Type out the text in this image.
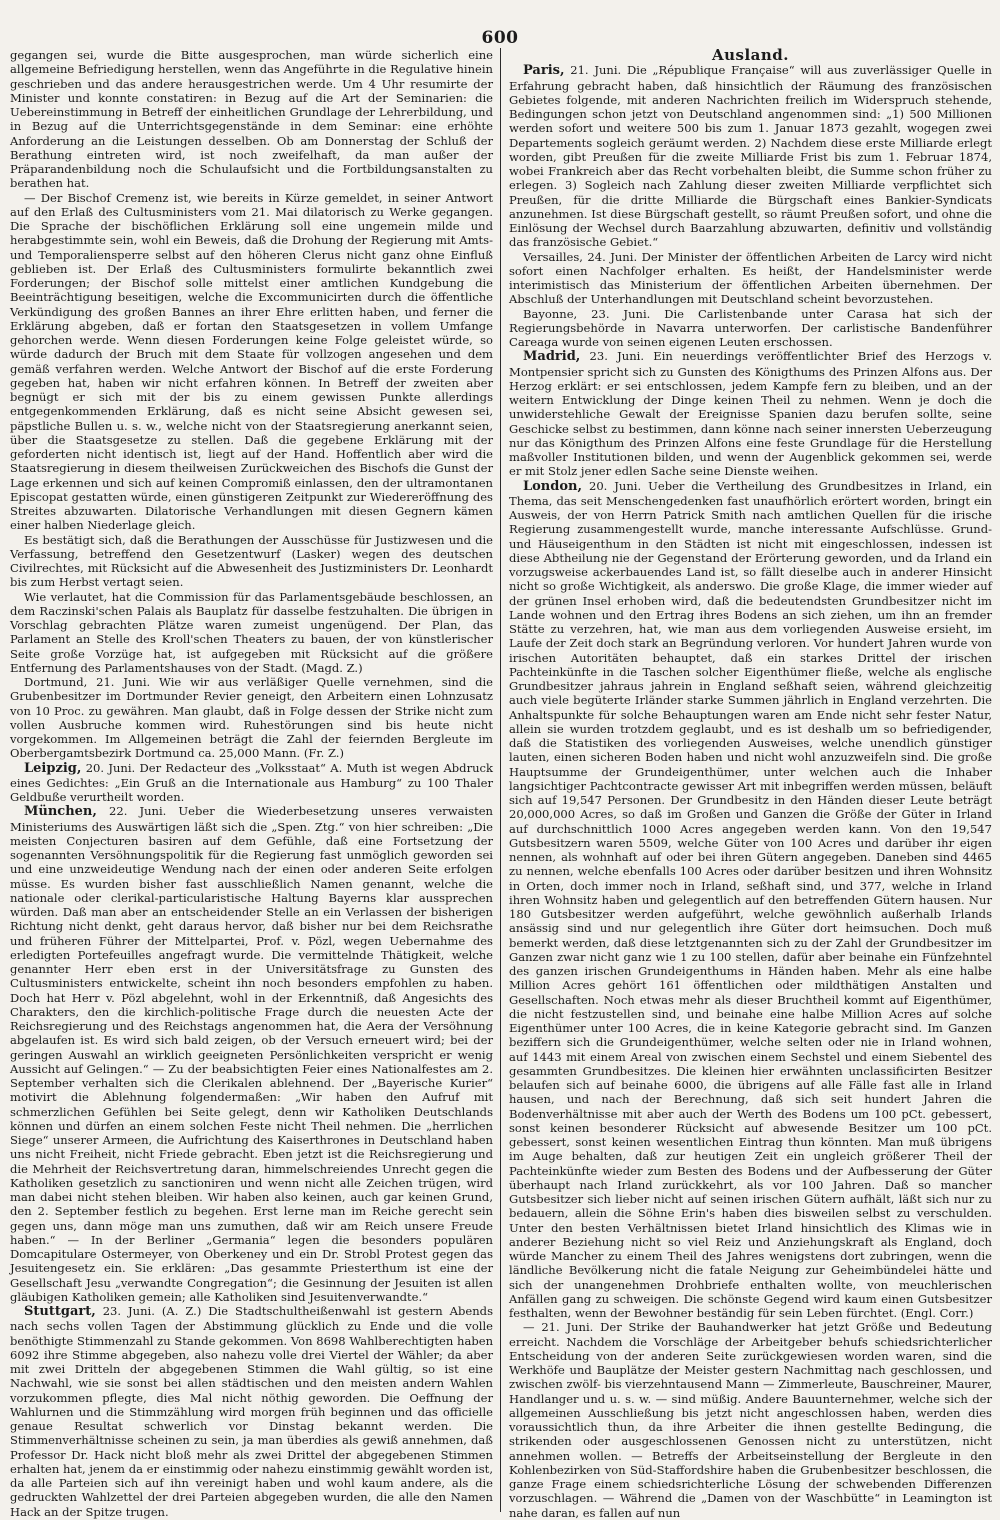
600

gegangen sei, wurde die Bitte ausgesprochen, man würde sicherlich eine allgemeine Befriedigung herstellen, wenn das Angeführte in die Regulative hinein geschrieben und das andere herausgestrichen werde. Um 4 Uhr resumirte der Minister und konnte constatiren: in Bezug auf die Art der Seminarien: die Uebereinstimmung in Betreff der einheitlichen Grundlage der Lehrerbildung, und in Bezug auf die Unterrichtsgegenstände in dem Seminar: eine erhöhte Anforderung an die Leistungen desselben. Ob am Donnerstag der Schluß der Berathung eintreten wird, ist noch zweifelhaft, da man außer der Präparandenbildung noch die Schulaufsicht und die Fortbildungsanstalten zu berathen hat.

— Der Bischof Cremenz ist, wie bereits in Kürze gemeldet, in seiner Antwort auf den Erlaß des Cultusministers vom 21. Mai dilatorisch zu Werke gegangen. Die Sprache der bischöflichen Erklärung soll eine ungemein milde und herabgestimmte sein, wohl ein Beweis, daß die Drohung der Regierung mit Amts- und Temporaliensperre selbst auf den höheren Clerus nicht ganz ohne Einfluß geblieben ist. Der Erlaß des Cultusministers formulirte bekanntlich zwei Forderungen; der Bischof solle mittelst einer amtlichen Kundgebung die Beeinträchtigung beseitigen, welche die Excommunicirten durch die öffentliche Verkündigung des großen Bannes an ihrer Ehre erlitten haben, und ferner die Erklärung abgeben, daß er fortan den Staatsgesetzen in vollem Umfange gehorchen werde. Wenn diesen Forderungen keine Folge geleistet würde, so würde dadurch der Bruch mit dem Staate für vollzogen angesehen und dem gemäß verfahren werden. Welche Antwort der Bischof auf die erste Forderung gegeben hat, haben wir nicht erfahren können. In Betreff der zweiten aber begnügt er sich mit der bis zu einem gewissen Punkte allerdings entgegenkommenden Erklärung, daß es nicht seine Absicht gewesen sei, päpstliche Bullen u. s. w., welche nicht von der Staatsregierung anerkannt seien, über die Staatsgesetze zu stellen. Daß die gegebene Erklärung mit der geforderten nicht identisch ist, liegt auf der Hand. Hoffentlich aber wird die Staatsregierung in diesem theilweisen Zurückweichen des Bischofs die Gunst der Lage erkennen und sich auf keinen Compromiß einlassen, den der ultramontanen Episcopat gestatten würde, einen günstigeren Zeitpunkt zur Wiedereröffnung des Streites abzuwarten. Dilatorische Verhandlungen mit diesen Gegnern kämen einer halben Niederlage gleich.

Es bestätigt sich, daß die Berathungen der Ausschüsse für Justizwesen und die Verfassung, betreffend den Gesetzentwurf (Lasker) wegen des deutschen Civilrechtes, mit Rücksicht auf die Abwesenheit des Justizministers Dr. Leonhardt bis zum Herbst vertagt seien.

Wie verlautet, hat die Commission für das Parlamentsgebäude beschlossen, an dem Raczinski'schen Palais als Bauplatz für dasselbe festzuhalten. Die übrigen in Vorschlag gebrachten Plätze waren zumeist ungenügend. Der Plan, das Parlament an Stelle des Kroll'schen Theaters zu bauen, der von künstlerischer Seite große Vorzüge hat, ist aufgegeben mit Rücksicht auf die größere Entfernung des Parlamentshauses von der Stadt. (Magd. Z.)

Dortmund, 21. Juni. Wie wir aus verläßiger Quelle vernehmen, sind die Grubenbesitzer im Dortmunder Revier geneigt, den Arbeitern einen Lohnzusatz von 10 Proc. zu gewähren. Man glaubt, daß in Folge dessen der Strike nicht zum vollen Ausbruche kommen wird. Ruhestörungen sind bis heute nicht vorgekommen. Im Allgemeinen beträgt die Zahl der feiernden Bergleute im Oberbergamtsbezirk Dortmund ca. 25,000 Mann. (Fr. Z.)

Leipzig, 20. Juni. Der Redacteur des „Volksstaat“ A. Muth ist wegen Abdruck eines Gedichtes: „Ein Gruß an die Internationale aus Hamburg“ zu 100 Thaler Geldbuße verurtheilt worden.

München, 22. Juni. Ueber die Wiederbesetzung unseres verwaisten Ministeriums des Auswärtigen läßt sich die „Spen. Ztg.“ von hier schreiben: „Die meisten Conjecturen basiren auf dem Gefühle, daß eine Fortsetzung der sogenannten Versöhnungspolitik für die Regierung fast unmöglich geworden sei und eine unzweideutige Wendung nach der einen oder anderen Seite erfolgen müsse. Es wurden bisher fast ausschließlich Namen genannt, welche die nationale oder clerikal-particularistische Haltung Bayerns klar aussprechen würden. Daß man aber an entscheidender Stelle an ein Verlassen der bisherigen Richtung nicht denkt, geht daraus hervor, daß bisher nur bei dem Reichsrathe und früheren Führer der Mittelpartei, Prof. v. Pözl, wegen Uebernahme des erledigten Portefeuilles angefragt wurde. Die vermittelnde Thätigkeit, welche genannter Herr eben erst in der Universitätsfrage zu Gunsten des Cultusministers entwickelte, scheint ihn noch besonders empfohlen zu haben. Doch hat Herr v. Pözl abgelehnt, wohl in der Erkenntniß, daß Angesichts des Charakters, den die kirchlich-politische Frage durch die neuesten Acte der Reichsregierung und des Reichstags angenommen hat, die Aera der Versöhnung abgelaufen ist. Es wird sich bald zeigen, ob der Versuch erneuert wird; bei der geringen Auswahl an wirklich geeigneten Persönlichkeiten verspricht er wenig Aussicht auf Gelingen.“ — Zu der beabsichtigten Feier eines Nationalfestes am 2. September verhalten sich die Clerikalen ablehnend. Der „Bayerische Kurier“ motivirt die Ablehnung folgendermaßen: „Wir haben den Aufruf mit schmerzlichen Gefühlen bei Seite gelegt, denn wir Katholiken Deutschlands können und dürfen an einem solchen Feste nicht Theil nehmen. Die „herrlichen Siege“ unserer Armeen, die Aufrichtung des Kaiserthrones in Deutschland haben uns nicht Freiheit, nicht Friede gebracht. Eben jetzt ist die Reichsregierung und die Mehrheit der Reichsvertretung daran, himmelschreiendes Unrecht gegen die Katholiken gesetzlich zu sanctioniren und wenn nicht alle Zeichen trügen, wird man dabei nicht stehen bleiben. Wir haben also keinen, auch gar keinen Grund, den 2. September festlich zu begehen. Erst lerne man im Reiche gerecht sein gegen uns, dann möge man uns zumuthen, daß wir am Reich unsere Freude haben.“ — In der Berliner „Germania“ legen die besonders populären Domcapitulare Ostermeyer, von Oberkeney und ein Dr. Strobl Protest gegen das Jesuitengesetz ein. Sie erklären: „Das gesammte Priesterthum ist eine der Gesellschaft Jesu „verwandte Congregation“; die Gesinnung der Jesuiten ist allen gläubigen Katholiken gemein; alle Katholiken sind Jesuitenverwandte.“

Stuttgart, 23. Juni. (A. Z.) Die Stadtschultheißenwahl ist gestern Abends nach sechs vollen Tagen der Abstimmung glücklich zu Ende und die volle benöthigte Stimmenzahl zu Stande gekommen. Von 8698 Wahlberechtigten haben 6092 ihre Stimme abgegeben, also nahezu volle drei Viertel der Wähler; da aber mit zwei Dritteln der abgegebenen Stimmen die Wahl gültig, so ist eine Nachwahl, wie sie sonst bei allen städtischen und den meisten andern Wahlen vorzukommen pflegte, dies Mal nicht nöthig geworden. Die Oeffnung der Wahlurnen und die Stimmzählung wird morgen früh beginnen und das officielle genaue Resultat schwerlich vor Dinstag bekannt werden. Die Stimmenverhältnisse scheinen zu sein, ja man überdies als gewiß annehmen, daß Professor Dr. Hack nicht bloß mehr als zwei Drittel der abgegebenen Stimmen erhalten hat, jenem da er einstimmig oder nahezu einstimmig gewählt worden ist, da alle Parteien sich auf ihn vereinigt haben und wohl kaum andere, als die gedruckten Wahlzettel der drei Parteien abgegeben wurden, die alle den Namen Hack an der Spitze trugen.

Ausland.

Paris, 21. Juni. Die „République Française“ will aus zuverlässiger Quelle in Erfahrung gebracht haben, daß hinsichtlich der Räumung des französischen Gebietes folgende, mit anderen Nachrichten freilich im Widerspruch stehende, Bedingungen schon jetzt von Deutschland angenommen sind: „1) 500 Millionen werden sofort und weitere 500 bis zum 1. Januar 1873 gezahlt, wogegen zwei Departements sogleich geräumt werden. 2) Nachdem diese erste Milliarde erlegt worden, gibt Preußen für die zweite Milliarde Frist bis zum 1. Februar 1874, wobei Frankreich aber das Recht vorbehalten bleibt, die Summe schon früher zu erlegen. 3) Sogleich nach Zahlung dieser zweiten Milliarde verpflichtet sich Preußen, für die dritte Milliarde die Bürgschaft eines Bankier-Syndicats anzunehmen. Ist diese Bürgschaft gestellt, so räumt Preußen sofort, und ohne die Einlösung der Wechsel durch Baarzahlung abzuwarten, definitiv und vollständig das französische Gebiet.“

Versailles, 24. Juni. Der Minister der öffentlichen Arbeiten de Larcy wird nicht sofort einen Nachfolger erhalten. Es heißt, der Handelsminister werde interimistisch das Ministerium der öffentlichen Arbeiten übernehmen. Der Abschluß der Unterhandlungen mit Deutschland scheint bevorzustehen.

Bayonne, 23. Juni. Die Carlistenbande unter Carasa hat sich der Regierungsbehörde in Navarra unterworfen. Der carlistische Bandenführer Careaga wurde von seinen eigenen Leuten erschossen.

Madrid, 23. Juni. Ein neuerdings veröffentlichter Brief des Herzogs v. Montpensier spricht sich zu Gunsten des Königthums des Prinzen Alfons aus. Der Herzog erklärt: er sei entschlossen, jedem Kampfe fern zu bleiben, und an der weitern Entwicklung der Dinge keinen Theil zu nehmen. Wenn je doch die unwiderstehliche Gewalt der Ereignisse Spanien dazu berufen sollte, seine Geschicke selbst zu bestimmen, dann könne nach seiner innersten Ueberzeugung nur das Königthum des Prinzen Alfons eine feste Grundlage für die Herstellung maßvoller Institutionen bilden, und wenn der Augenblick gekommen sei, werde er mit Stolz jener edlen Sache seine Dienste weihen.

London, 20. Juni. Ueber die Vertheilung des Grundbesitzes in Irland, ein Thema, das seit Menschengedenken fast unaufhörlich erörtert worden, bringt ein Ausweis, der von Herrn Patrick Smith nach amtlichen Quellen für die irische Regierung zusammengestellt wurde, manche interessante Aufschlüsse. Grund- und Häuseigenthum in den Städten ist nicht mit eingeschlossen, indessen ist diese Abtheilung nie der Gegenstand der Erörterung geworden, und da Irland ein vorzugsweise ackerbauendes Land ist, so fällt dieselbe auch in anderer Hinsicht nicht so große Wichtigkeit, als anderswo. Die große Klage, die immer wieder auf der grünen Insel erhoben wird, daß die bedeutendsten Grundbesitzer nicht im Lande wohnen und den Ertrag ihres Bodens an sich ziehen, um ihn an fremder Stätte zu verzehren, hat, wie man aus dem vorliegenden Ausweise ersieht, im Laufe der Zeit doch stark an Begründung verloren. Vor hundert Jahren wurde von irischen Autoritäten behauptet, daß ein starkes Drittel der irischen Pachteinkünfte in die Taschen solcher Eigenthümer fließe, welche als englische Grundbesitzer jahraus jahrein in England seßhaft seien, während gleichzeitig auch viele begüterte Irländer starke Summen jährlich in England verzehrten. Die Anhaltspunkte für solche Behauptungen waren am Ende nicht sehr fester Natur, allein sie wurden trotzdem geglaubt, und es ist deshalb um so befriedigender, daß die Statistiken des vorliegenden Ausweises, welche unendlich günstiger lauten, einen sicheren Boden haben und nicht wohl anzuzweifeln sind. Die große Hauptsumme der Grundeigenthümer, unter welchen auch die Inhaber langsichtiger Pachtcontracte gewisser Art mit inbegriffen werden müssen, beläuft sich auf 19,547 Personen. Der Grundbesitz in den Händen dieser Leute beträgt 20,000,000 Acres, so daß im Großen und Ganzen die Größe der Güter in Irland auf durchschnittlich 1000 Acres angegeben werden kann. Von den 19,547 Gutsbesitzern waren 5509, welche Güter von 100 Acres und darüber ihr eigen nennen, als wohnhaft auf oder bei ihren Gütern angegeben. Daneben sind 4465 zu nennen, welche ebenfalls 100 Acres oder darüber besitzen und ihren Wohnsitz in Orten, doch immer noch in Irland, seßhaft sind, und 377, welche in Irland ihren Wohnsitz haben und gelegentlich auf den betreffenden Gütern hausen. Nur 180 Gutsbesitzer werden aufgeführt, welche gewöhnlich außerhalb Irlands ansässig sind und nur gelegentlich ihre Güter dort heimsuchen. Doch muß bemerkt werden, daß diese letztgenannten sich zu der Zahl der Grundbesitzer im Ganzen zwar nicht ganz wie 1 zu 100 stellen, dafür aber beinahe ein Fünfzehntel des ganzen irischen Grundeigenthums in Händen haben. Mehr als eine halbe Million Acres gehört 161 öffentlichen oder mildthätigen Anstalten und Gesellschaften. Noch etwas mehr als dieser Bruchtheil kommt auf Eigenthümer, die nicht festzustellen sind, und beinahe eine halbe Million Acres auf solche Eigenthümer unter 100 Acres, die in keine Kategorie gebracht sind. Im Ganzen beziffern sich die Grundeigenthümer, welche selten oder nie in Irland wohnen, auf 1443 mit einem Areal von zwischen einem Sechstel und einem Siebentel des gesammten Grundbesitzes. Die kleinen hier erwähnten unclassificirten Besitzer belaufen sich auf beinahe 6000, die übrigens auf alle Fälle fast alle in Irland hausen, und nach der Berechnung, daß sich seit hundert Jahren die Bodenverhältnisse mit aber auch der Werth des Bodens um 100 pCt. gebessert, sonst keinen besonderer Rücksicht auf abwesende Besitzer um 100 pCt. gebessert, sonst keinen wesentlichen Eintrag thun könnten. Man muß übrigens im Auge behalten, daß zur heutigen Zeit ein ungleich größerer Theil der Pachteinkünfte wieder zum Besten des Bodens und der Aufbesserung der Güter überhaupt nach Irland zurückkehrt, als vor 100 Jahren. Daß so mancher Gutsbesitzer sich lieber nicht auf seinen irischen Gütern aufhält, läßt sich nur zu bedauern, allein die Söhne Erin's haben dies bisweilen selbst zu verschulden. Unter den besten Verhältnissen bietet Irland hinsichtlich des Klimas wie in anderer Beziehung nicht so viel Reiz und Anziehungskraft als England, doch würde Mancher zu einem Theil des Jahres wenigstens dort zubringen, wenn die ländliche Bevölkerung nicht die fatale Neigung zur Geheimbündelei hätte und sich der unangenehmen Drohbriefe enthalten wollte, von meuchlerischen Anfällen gang zu schweigen. Die schönste Gegend wird kaum einen Gutsbesitzer festhalten, wenn der Bewohner beständig für sein Leben fürchtet. (Engl. Corr.)

— 21. Juni. Der Strike der Bauhandwerker hat jetzt Größe und Bedeutung erreicht. Nachdem die Vorschläge der Arbeitgeber behufs schiedsrichterlicher Entscheidung von der anderen Seite zurückgewiesen worden waren, sind die Werkhöfe und Bauplätze der Meister gestern Nachmittag nach geschlossen, und zwischen zwölf- bis vierzehntausend Mann — Zimmerleute, Bauschreiner, Maurer, Handlanger und u. s. w. — sind müßig. Andere Bauunternehmer, welche sich der allgemeinen Ausschließung bis jetzt nicht angeschlossen haben, werden dies voraussichtlich thun, da ihre Arbeiter die ihnen gestellte Bedingung, die strikenden oder ausgeschlossenen Genossen nicht zu unterstützen, nicht annehmen wollen. — Betreffs der Arbeitseinstellung der Bergleute in den Kohlenbezirken von Süd-Staffordshire haben die Grubenbesitzer beschlossen, die ganze Frage einem schiedsrichterliche Lösung der schwebenden Differenzen vorzuschlagen. — Während die „Damen von der Waschbütte“ in Leamington ist nahe daran, es fallen auf nun
